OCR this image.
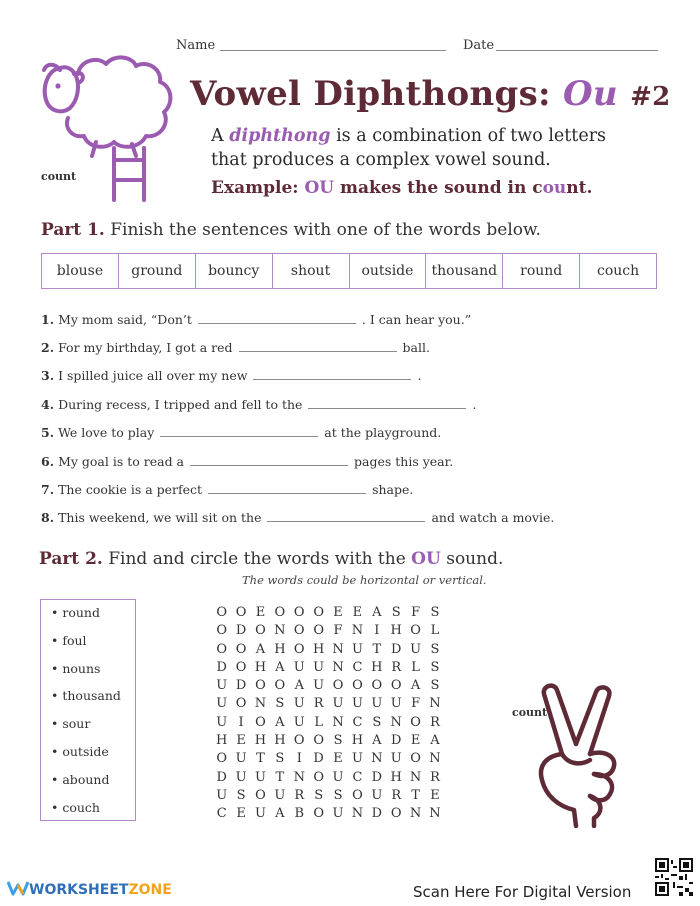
Name	Date
count
Vowel Diphthongs: Ou #2
A diphthong is a combination of two letters
that produces a complex vowel sound.
Example: OU makes the sound in count.
Part 1. Finish the sentences with one of the words below.
blouse	ground	bouncy	shout	outside	thousand	round	couch
1. My mom said, “Don’t	. I can hear you.”
2. For my birthday, I got a red	ball.
3. I spilled juice all over my new	.
4. During recess, I tripped and fell to the	.
5. We love to play	at the playground.
6. My goal is to read a	pages this year.
7. The cookie is a perfect	shape.
8. This weekend, we will sit on the	and watch a movie.
Part 2. Find and circle the words with the OU sound.
The words could be horizontal or vertical.
• round
• foul
• nouns
• thousand
• sour
• outside
• abound
• couch
O O E O O O E E A S F S
O D O N O O F N I H O L
O O A H O H N U T D U S
D O H A U U N C H R L S
U D O O A U O O O O A S
U O N S U R U U U U F N
U I O A U L N C S N O R
H E H H O O S H A D E A
O U T S I D E U N U O N
D U U T N O U C D H N R
U S O U R S S O U R T E
C E U A B O U N D O N N
count
WORKSHEETZONE	Scan Here For Digital Version
